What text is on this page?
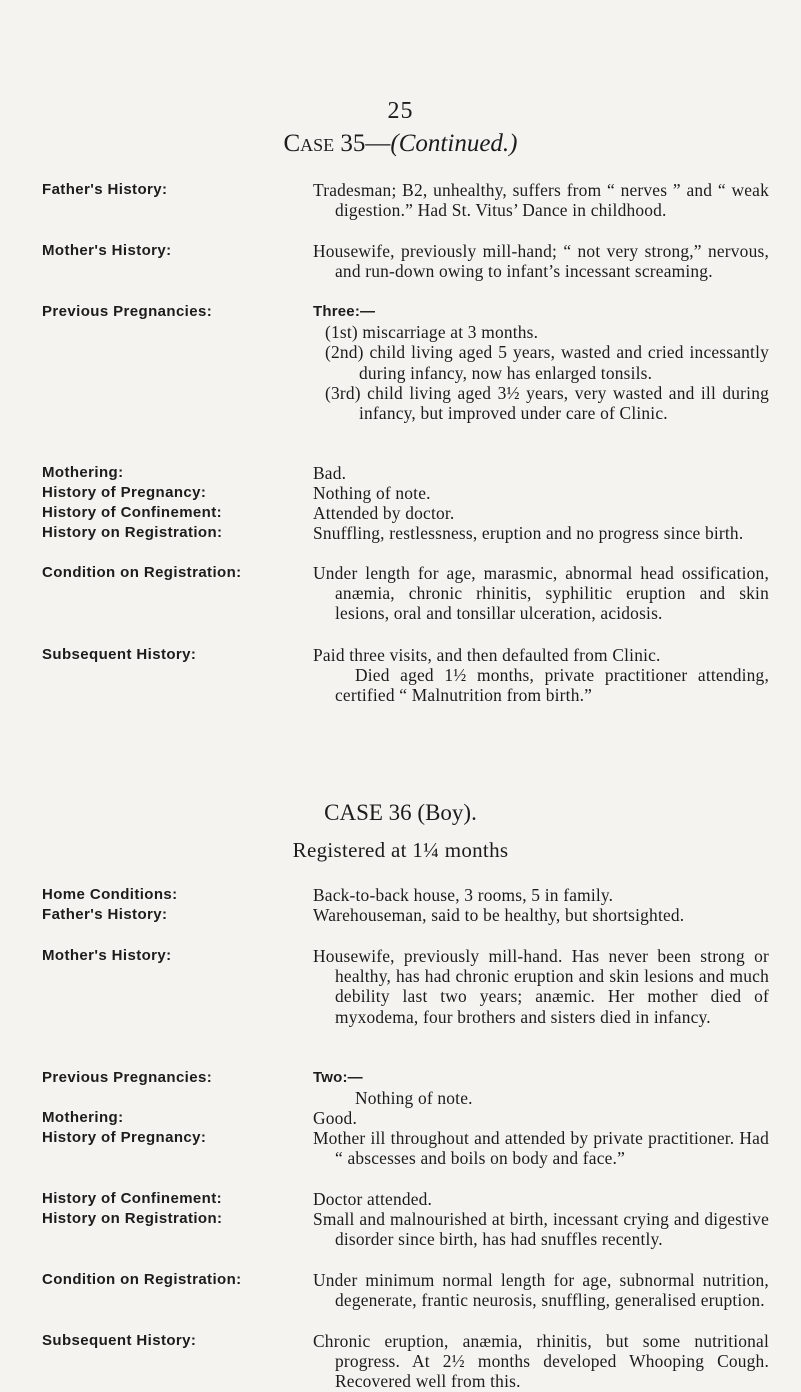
25
Case 35—(Continued.)
Father's History:	Tradesman; B2, unhealthy, suffers from “ nerves ” and “ weak digestion.” Had St. Vitus’ Dance in childhood.

Mother's History:	Housewife, previously mill-hand; “ not very strong,” nervous, and run-down owing to infant’s incessant screaming.

Previous Pregnancies:	Three:—

(1st) miscarriage at 3 months.

(2nd) child living aged 5 years, wasted and cried incessantly during infancy, now has enlarged tonsils.

(3rd) child living aged 3½ years, very wasted and ill during infancy, but improved under care of Clinic.

Mothering:	Bad.

History of Pregnancy:	Nothing of note.

History of Confinement:	Attended by doctor.

History on Registration:	Snuffling, restlessness, eruption and no progress since birth.

Condition on Registration:	Under length for age, marasmic, abnormal head ossification, anæmia, chronic rhinitis, syphilitic eruption and skin lesions, oral and tonsillar ulceration, acidosis.

Subsequent History:	Paid three visits, and then defaulted from Clinic.

Died aged 1½ months, private practitioner attending, certified “ Malnutrition from birth.”

CASE 36 (Boy).
Registered at 1¼ months
Home Conditions:	Back-to-back house, 3 rooms, 5 in family.

Father's History:	Warehouseman, said to be healthy, but shortsighted.

Mother's History:	Housewife, previously mill-hand. Has never been strong or healthy, has had chronic eruption and skin lesions and much debility last two years; anæmic. Her mother died of myxodema, four brothers and sisters died in infancy.

Previous Pregnancies:	Two:—

Nothing of note.

Mothering:	Good.

History of Pregnancy:	Mother ill throughout and attended by private practitioner. Had “ abscesses and boils on body and face.”

History of Confinement:	Doctor attended.

History on Registration:	Small and malnourished at birth, incessant crying and digestive disorder since birth, has had snuffles recently.

Condition on Registration:	Under minimum normal length for age, subnormal nutrition, degenerate, frantic neurosis, snuffling, generalised eruption.

Subsequent History:	Chronic eruption, anæmia, rhinitis, but some nutritional progress. At 2½ months developed Whooping Cough. Recovered well from this.
